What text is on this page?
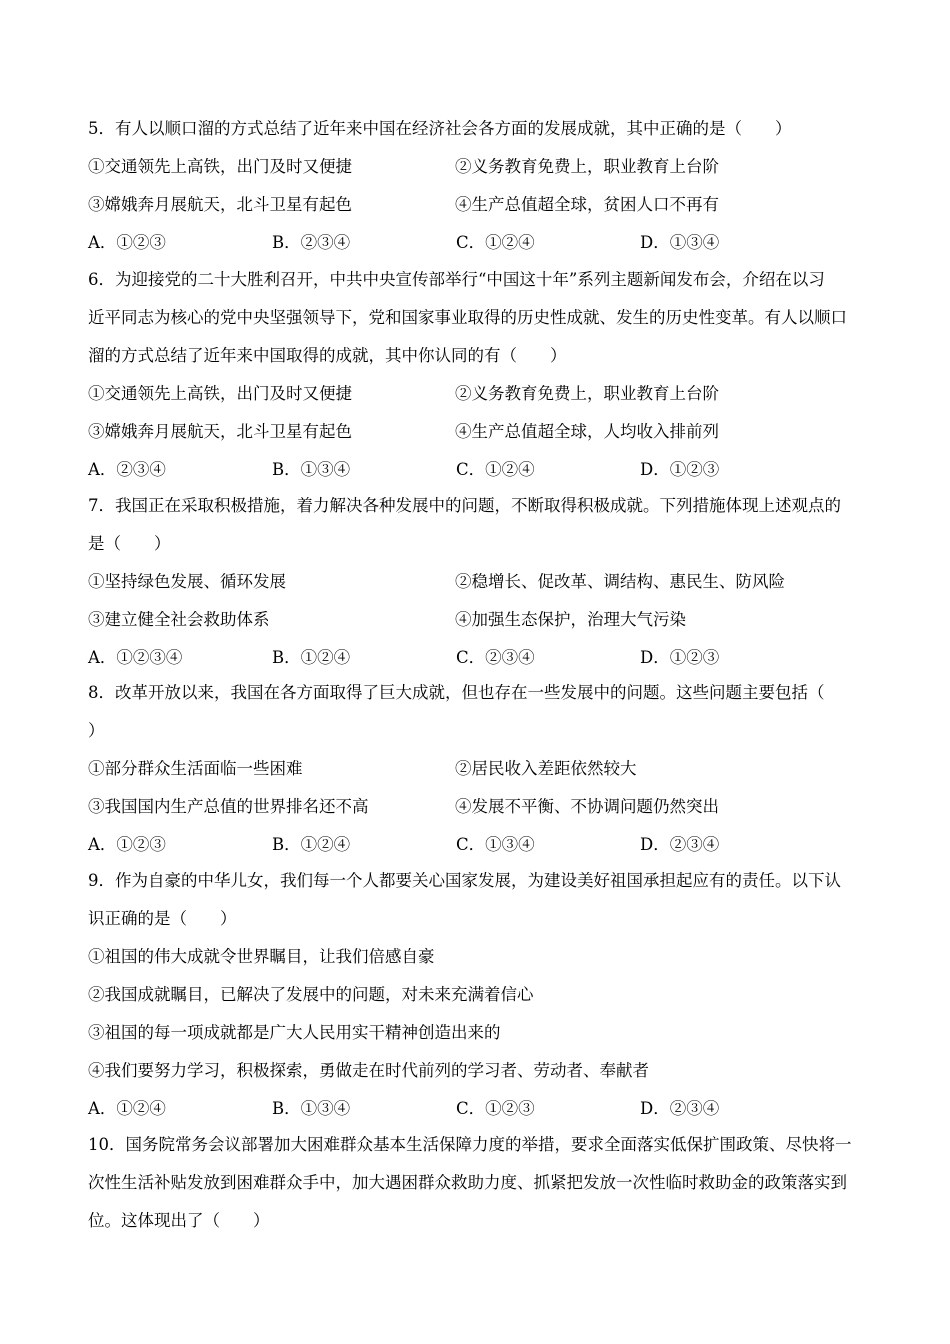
5．有人以顺口溜的方式总结了近年来中国在经济社会各方面的发展成就，其中正确的是（　　）
①交通领先上高铁，出门及时又便捷	②义务教育免费上，职业教育上台阶
③嫦娥奔月展航天，北斗卫星有起色	④生产总值超全球，贫困人口不再有
A．①②③	B．②③④	C．①②④	D．①③④
6．为迎接党的二十大胜利召开，中共中央宣传部举行“中国这十年”系列主题新闻发布会，介绍在以习
近平同志为核心的党中央坚强领导下，党和国家事业取得的历史性成就、发生的历史性变革。有人以顺口
溜的方式总结了近年来中国取得的成就，其中你认同的有（　　）
①交通领先上高铁，出门及时又便捷	②义务教育免费上，职业教育上台阶
③嫦娥奔月展航天，北斗卫星有起色	④生产总值超全球，人均收入排前列
A．②③④	B．①③④	C．①②④	D．①②③
7．我国正在采取积极措施，着力解决各种发展中的问题，不断取得积极成就。下列措施体现上述观点的
是（　　）
①坚持绿色发展、循环发展	②稳增长、促改革、调结构、惠民生、防风险
③建立健全社会救助体系	④加强生态保护，治理大气污染
A．①②③④	B．①②④	C．②③④	D．①②③
8．改革开放以来，我国在各方面取得了巨大成就，但也存在一些发展中的问题。这些问题主要包括（
）
①部分群众生活面临一些困难	②居民收入差距依然较大
③我国国内生产总值的世界排名还不高	④发展不平衡、不协调问题仍然突出
A．①②③	B．①②④	C．①③④	D．②③④
9．作为自豪的中华儿女，我们每一个人都要关心国家发展，为建设美好祖国承担起应有的责任。以下认
识正确的是（　　）
①祖国的伟大成就令世界瞩目，让我们倍感自豪
②我国成就瞩目，已解决了发展中的问题，对未来充满着信心
③祖国的每一项成就都是广大人民用实干精神创造出来的
④我们要努力学习，积极探索，勇做走在时代前列的学习者、劳动者、奉献者
A．①②④	B．①③④	C．①②③	D．②③④
10．国务院常务会议部署加大困难群众基本生活保障力度的举措，要求全面落实低保扩围政策、尽快将一
次性生活补贴发放到困难群众手中，加大遇困群众救助力度、抓紧把发放一次性临时救助金的政策落实到
位。这体现出了（　　）
